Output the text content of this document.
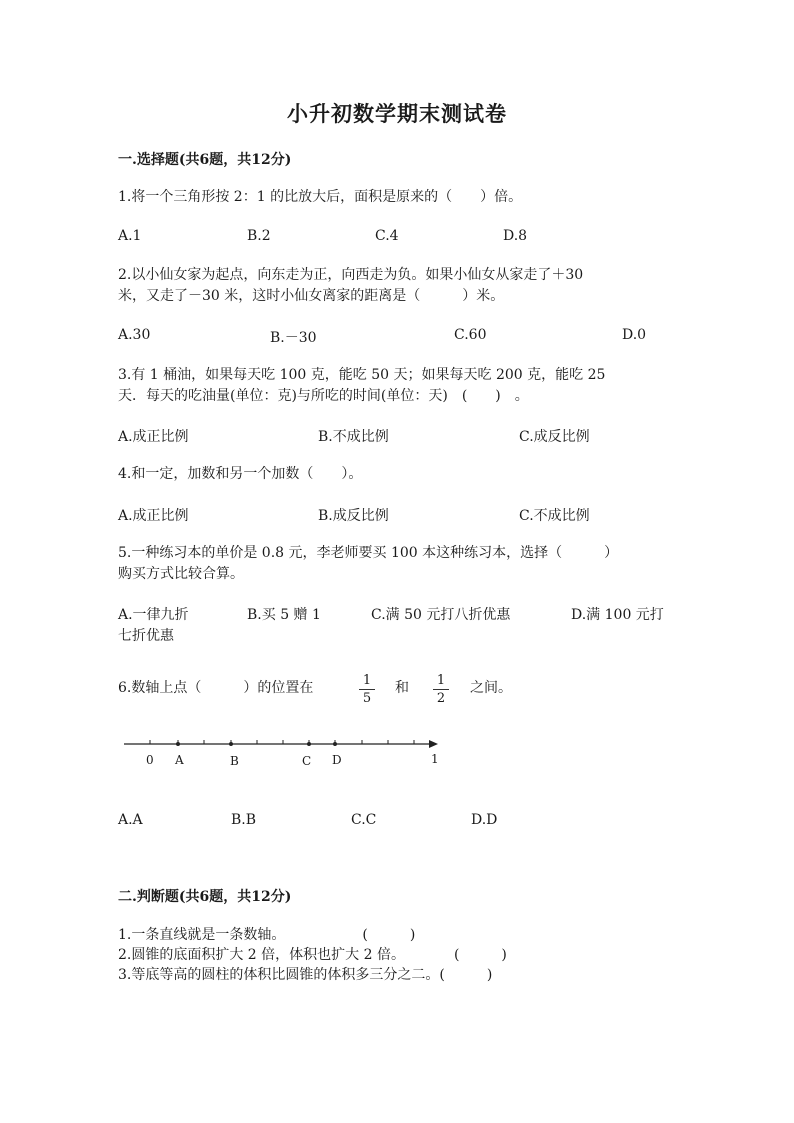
小升初数学期末测试卷
一.选择题(共6题，共12分)
1.将一个三角形按 2：1 的比放大后，面积是原来的（　　）倍。
A.1	B.2	C.4	D.8
2.以小仙女家为起点，向东走为正，向西走为负。如果小仙女从家走了＋30
米，又走了－30 米，这时小仙女离家的距离是（　　　）米。
A.30	B.－30	C.60	D.0
3.有 1 桶油，如果每天吃 100 克，能吃 50 天；如果每天吃 200 克，能吃 25
天．每天的吃油量(单位：克)与所吃的时间(单位：天)　(　　)　。
A.成正比例	B.不成比例	C.成反比例
4.和一定，加数和另一个加数（　　）。
A.成正比例	B.成反比例	C.不成比例
5.一种练习本的单价是 0.8 元，李老师要买 100 本这种练习本，选择（　　　）
购买方式比较合算。
A.一律九折	B.买 5 赠 1	C.满 50 元打八折优惠	D.满 100 元打
七折优惠
6.数轴上点（　　　）的位置在	1
5
和 1
2
之间。
0 A	B	C D	1
A.A	B.B	C.C	D.D
二.判断题(共6题，共12分)
1.一条直线就是一条数轴。　　　　　　(　　　)
2.圆锥的底面积扩大 2 倍，体积也扩大 2 倍。　　　　(　　　)
3.等底等高的圆柱的体积比圆锥的体积多三分之二。(　　　)
